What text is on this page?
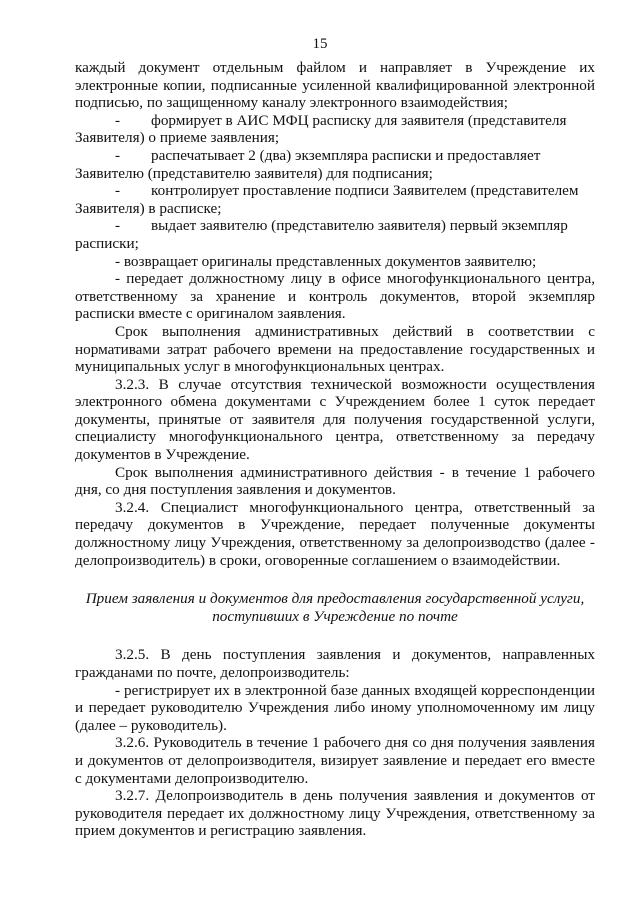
15

каждый документ отдельным файлом и направляет в Учреждение их электронные копии, подписанные усиленной квалифицированной электронной подписью, по защищенному каналу электронного взаимодействия;

-	формирует в АИС МФЦ расписку для заявителя (представителя

Заявителя) о приеме заявления;

-	распечатывает 2 (два) экземпляра расписки и предоставляет

Заявителю (представителю заявителя) для подписания;

-	контролирует проставление подписи Заявителем (представителем

Заявителя) в расписке;

-	выдает заявителю (представителю заявителя) первый экземпляр

расписки;

- возвращает оригиналы представленных документов заявителю;

- передает должностному лицу в офисе многофункционального центра, ответственному за хранение и контроль документов, второй экземпляр расписки вместе с оригиналом заявления.

Срок выполнения административных действий в соответствии с нормативами затрат рабочего времени на предоставление государственных и муниципальных услуг в многофункциональных центрах.

3.2.3. В случае отсутствия технической возможности осуществления электронного обмена документами с Учреждением более 1 суток передает документы, принятые от заявителя для получения государственной услуги, специалисту многофункционального центра, ответственному за передачу документов в Учреждение.

Срок выполнения административного действия - в течение 1 рабочего дня, со дня поступления заявления и документов.

3.2.4. Специалист многофункционального центра, ответственный за передачу документов в Учреждение, передает полученные документы должностному лицу Учреждения, ответственному за делопроизводство (далее - делопроизводитель) в сроки, оговоренные соглашением о взаимодействии.

Прием заявления и документов для предоставления государственной услуги, поступивших в Учреждение по почте

3.2.5. В день поступления заявления и документов, направленных гражданами по почте, делопроизводитель:

- регистрирует их в электронной базе данных входящей корреспонденции и передает руководителю Учреждения либо иному уполномоченному им лицу (далее – руководитель).

3.2.6. Руководитель в течение 1 рабочего дня со дня получения заявления и документов от делопроизводителя, визирует заявление и передает его вместе с документами делопроизводителю.

3.2.7. Делопроизводитель в день получения заявления и документов от руководителя передает их должностному лицу Учреждения, ответственному за прием документов и регистрацию заявления.
